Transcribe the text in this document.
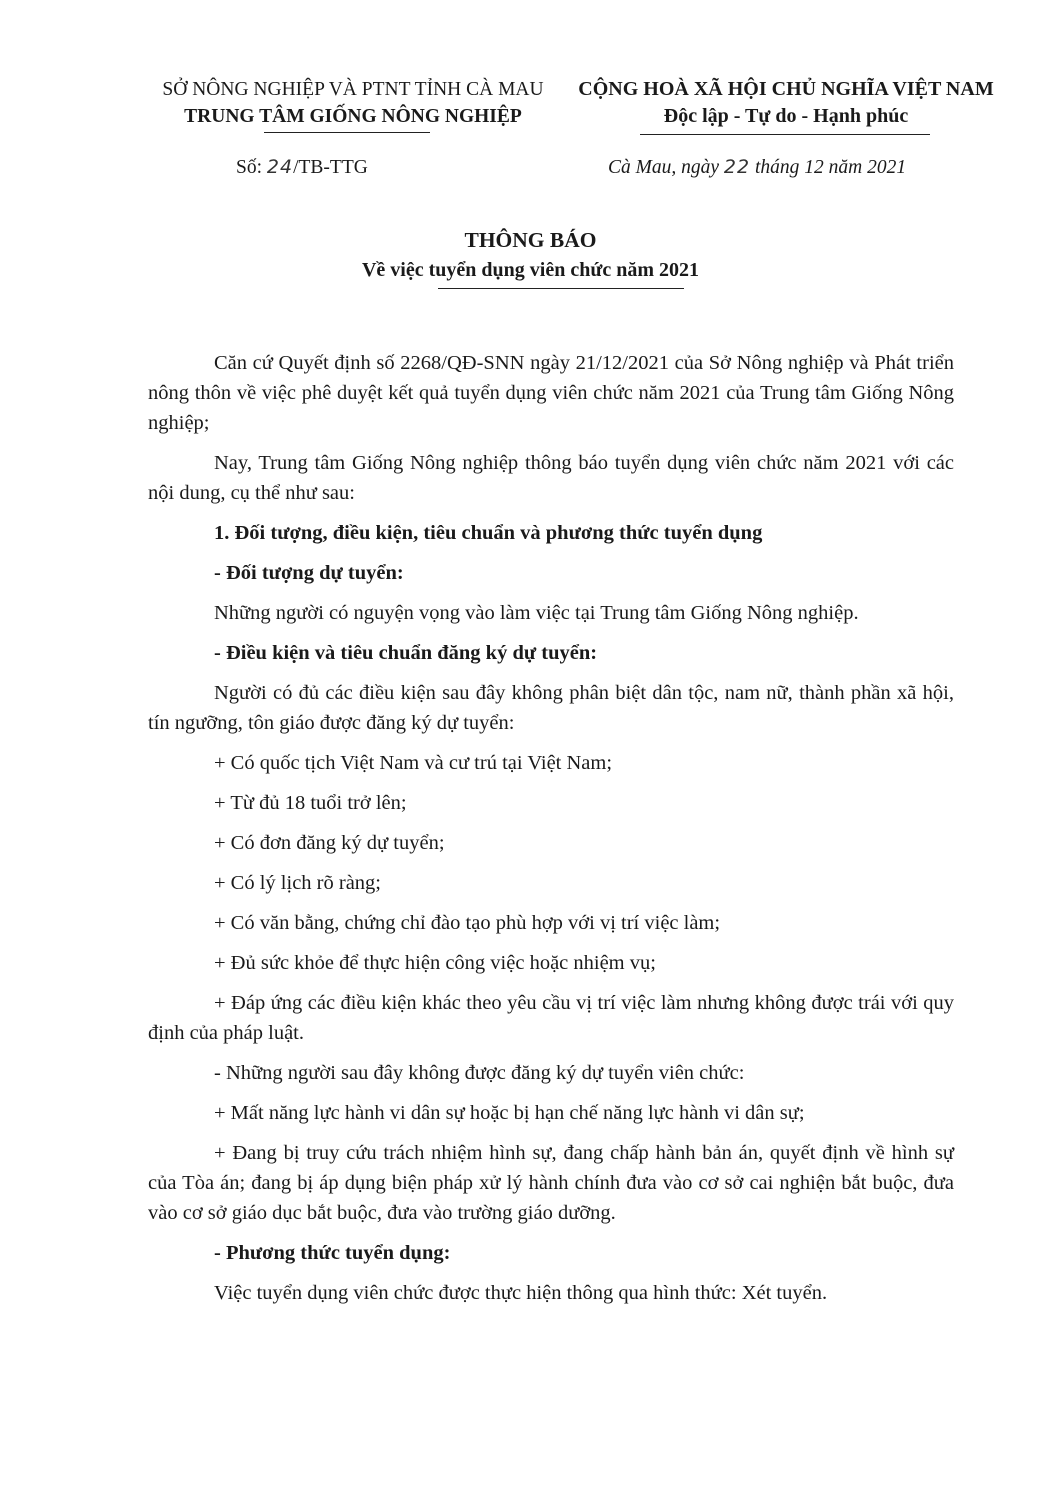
SỞ NÔNG NGHIỆP VÀ PTNT TỈNH CÀ MAU
TRUNG TÂM GIỐNG NÔNG NGHIỆP
CỘNG HOÀ XÃ HỘI CHỦ NGHĨA VIỆT NAM
Độc lập - Tự do - Hạnh phúc
Số: 24/TB-TTG	Cà Mau, ngày 22 tháng 12 năm 2021
THÔNG BÁO
Về việc tuyển dụng viên chức năm 2021

Căn cứ Quyết định số 2268/QĐ-SNN ngày 21/12/2021 của Sở Nông nghiệp và Phát triển nông thôn về việc phê duyệt kết quả tuyển dụng viên chức năm 2021 của Trung tâm Giống Nông nghiệp;

Nay, Trung tâm Giống Nông nghiệp thông báo tuyển dụng viên chức năm 2021 với các nội dung, cụ thể như sau:

1. Đối tượng, điều kiện, tiêu chuẩn và phương thức tuyển dụng

- Đối tượng dự tuyển:

Những người có nguyện vọng vào làm việc tại Trung tâm Giống Nông nghiệp.

- Điều kiện và tiêu chuẩn đăng ký dự tuyển:

Người có đủ các điều kiện sau đây không phân biệt dân tộc, nam nữ, thành phần xã hội, tín ngưỡng, tôn giáo được đăng ký dự tuyển:

+ Có quốc tịch Việt Nam và cư trú tại Việt Nam;

+ Từ đủ 18 tuổi trở lên;

+ Có đơn đăng ký dự tuyển;

+ Có lý lịch rõ ràng;

+ Có văn bằng, chứng chỉ đào tạo phù hợp với vị trí việc làm;

+ Đủ sức khỏe để thực hiện công việc hoặc nhiệm vụ;

+ Đáp ứng các điều kiện khác theo yêu cầu vị trí việc làm nhưng không được trái với quy định của pháp luật.

- Những người sau đây không được đăng ký dự tuyển viên chức:

+ Mất năng lực hành vi dân sự hoặc bị hạn chế năng lực hành vi dân sự;

+ Đang bị truy cứu trách nhiệm hình sự, đang chấp hành bản án, quyết định về hình sự của Tòa án; đang bị áp dụng biện pháp xử lý hành chính đưa vào cơ sở cai nghiện bắt buộc, đưa vào cơ sở giáo dục bắt buộc, đưa vào trường giáo dưỡng.

- Phương thức tuyển dụng:

Việc tuyển dụng viên chức được thực hiện thông qua hình thức: Xét tuyển.
